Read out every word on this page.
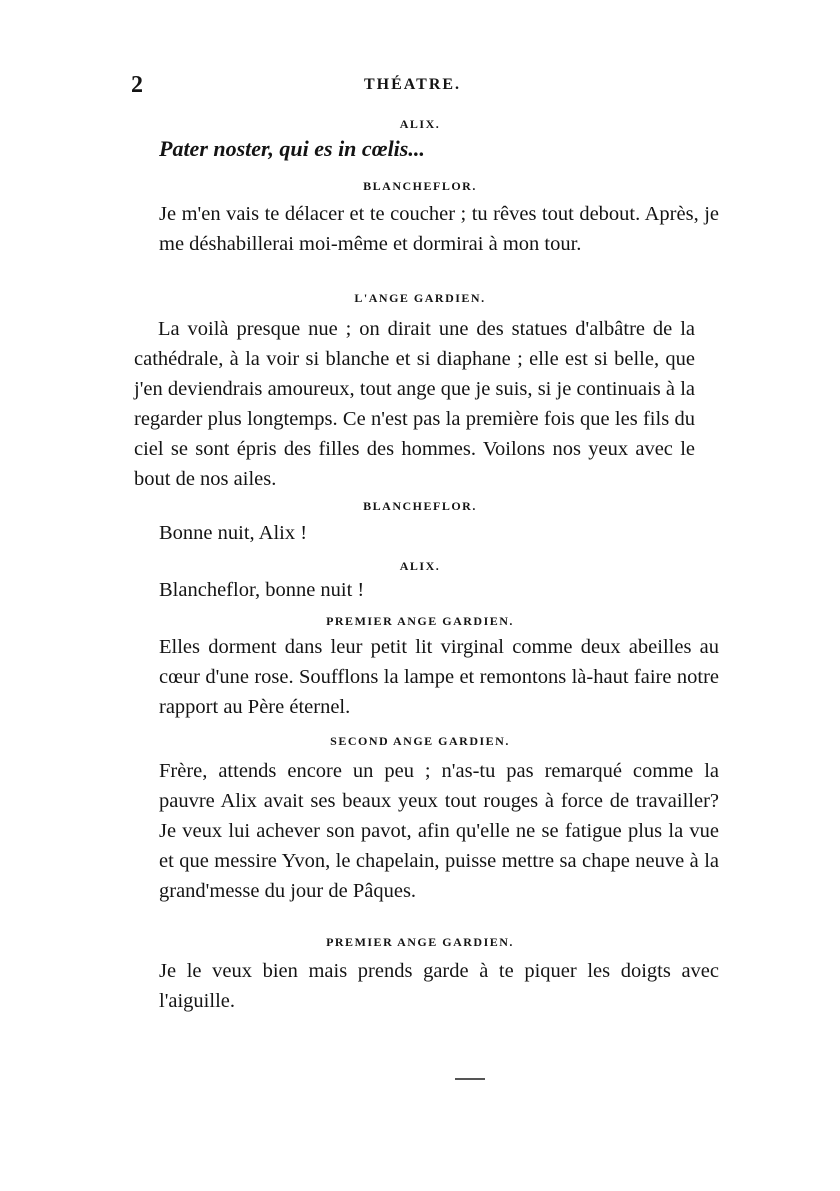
2	THÉATRE.
ALIX.
Pater noster, qui es in cœlis...
BLANCHEFLOR.
Je m'en vais te délacer et te coucher ; tu rêves tout debout. Après, je me déshabillerai moi-même et dormirai à mon tour.
L'ANGE GARDIEN.
La voilà presque nue ; on dirait une des statues d'albâtre de la cathédrale, à la voir si blanche et si diaphane ; elle est si belle, que j'en deviendrais amoureux, tout ange que je suis, si je continuais à la regarder plus longtemps. Ce n'est pas la première fois que les fils du ciel se sont épris des filles des hommes. Voilons nos yeux avec le bout de nos ailes.
BLANCHEFLOR.
Bonne nuit, Alix !
ALIX.
Blancheflor, bonne nuit !
PREMIER ANGE GARDIEN.
Elles dorment dans leur petit lit virginal comme deux abeilles au cœur d'une rose. Soufflons la lampe et remontons là-haut faire notre rapport au Père éternel.
SECOND ANGE GARDIEN.
Frère, attends encore un peu ; n'as-tu pas remarqué comme la pauvre Alix avait ses beaux yeux tout rouges à force de travailler? Je veux lui achever son pavot, afin qu'elle ne se fatigue plus la vue et que messire Yvon, le chapelain, puisse mettre sa chape neuve à la grand'messe du jour de Pâques.
PREMIER ANGE GARDIEN.
Je le veux bien mais prends garde à te piquer les doigts avec l'aiguille.
